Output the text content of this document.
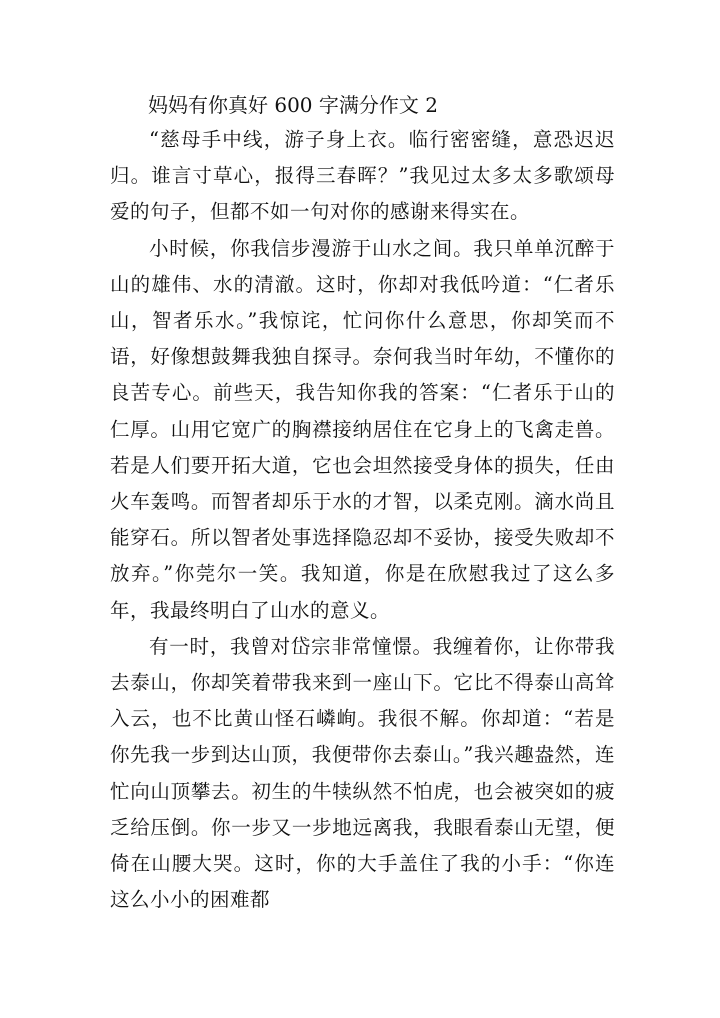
妈妈有你真好 600 字满分作文 2

“慈母手中线，游子身上衣。临行密密缝，意恐迟迟归。谁言寸草心，报得三春晖？”我见过太多太多歌颂母爱的句子，但都不如一句对你的感谢来得实在。

小时候，你我信步漫游于山水之间。我只单单沉醉于山的雄伟、水的清澈。这时，你却对我低吟道：“仁者乐山，智者乐水。”我惊诧，忙问你什么意思，你却笑而不语，好像想鼓舞我独自探寻。奈何我当时年幼，不懂你的良苦专心。前些天，我告知你我的答案：“仁者乐于山的仁厚。山用它宽广的胸襟接纳居住在它身上的飞禽走兽。若是人们要开拓大道，它也会坦然接受身体的损失，任由火车轰鸣。而智者却乐于水的才智，以柔克刚。滴水尚且能穿石。所以智者处事选择隐忍却不妥协，接受失败却不放弃。”你莞尔一笑。我知道，你是在欣慰我过了这么多年，我最终明白了山水的意义。

有一时，我曾对岱宗非常憧憬。我缠着你，让你带我去泰山，你却笑着带我来到一座山下。它比不得泰山高耸入云，也不比黄山怪石嶙峋。我很不解。你却道：“若是你先我一步到达山顶，我便带你去泰山。”我兴趣盎然，连忙向山顶攀去。初生的牛犊纵然不怕虎，也会被突如的疲乏给压倒。你一步又一步地远离我，我眼看泰山无望，便倚在山腰大哭。这时，你的大手盖住了我的小手：“你连这么小小的困难都
